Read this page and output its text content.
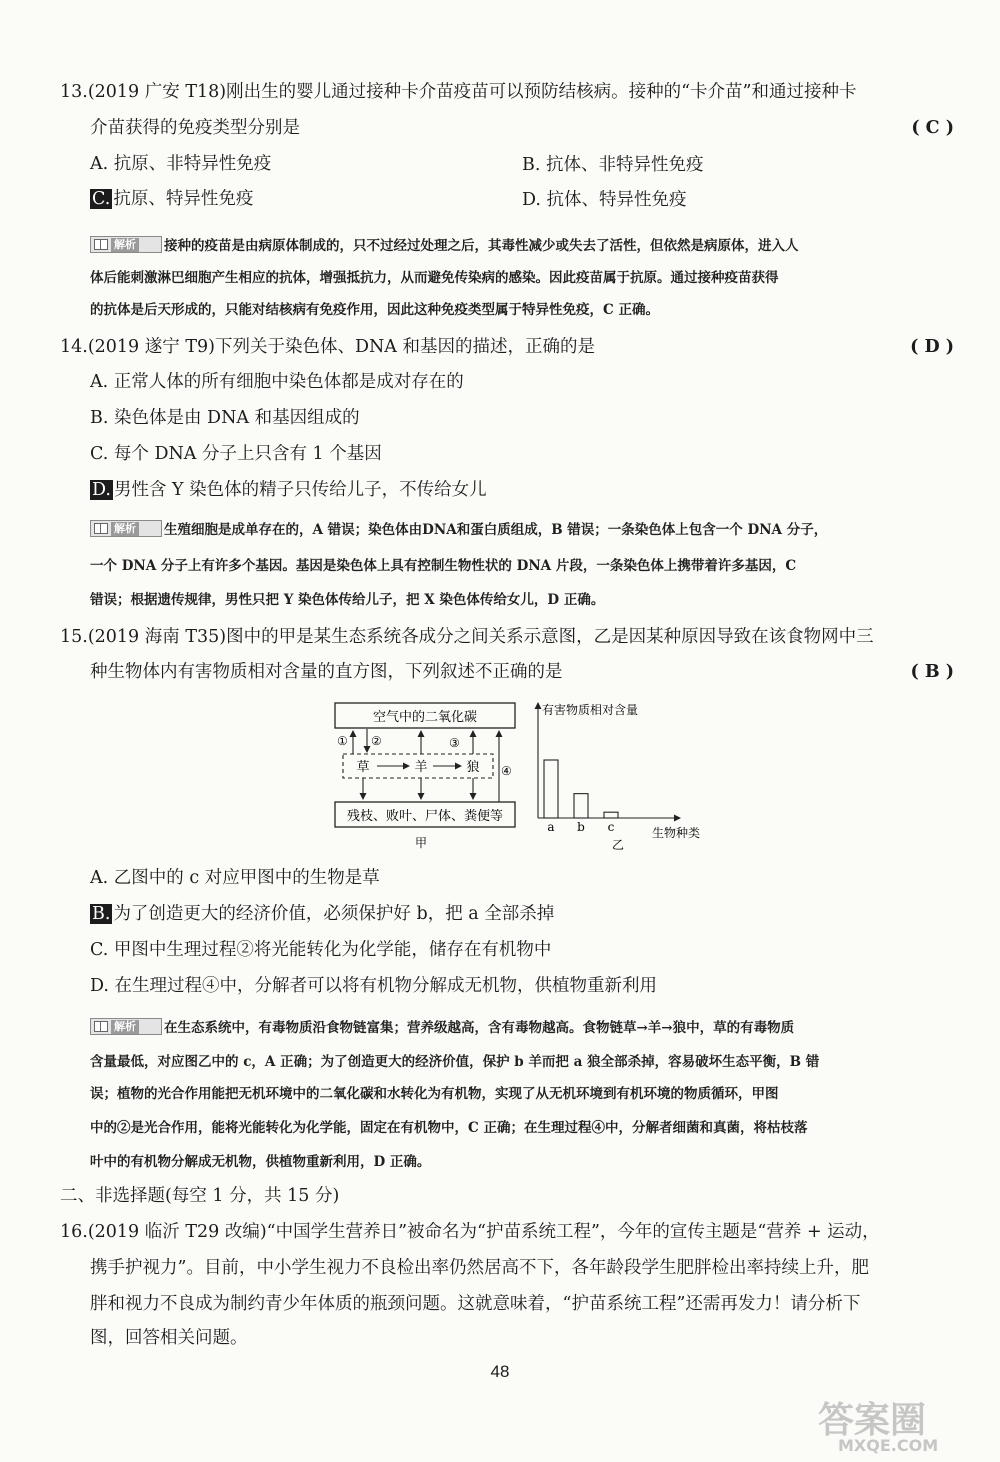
13.(2019 广安 T18)刚出生的婴儿通过接种卡介苗疫苗可以预防结核病。接种的“卡介苗”和通过接种卡
介苗获得的免疫类型分别是	( C )
A. 抗原、非特异性免疫	B. 抗体、非特异性免疫
C. 抗原、特异性免疫	D. 抗体、特异性免疫
解析 接种的疫苗是由病原体制成的，只不过经过处理之后，其毒性减少或失去了活性，但依然是病原体，进入人
体后能刺激淋巴细胞产生相应的抗体，增强抵抗力，从而避免传染病的感染。因此疫苗属于抗原。通过接种疫苗获得
的抗体是后天形成的，只能对结核病有免疫作用，因此这种免疫类型属于特异性免疫，C 正确。
14.(2019 遂宁 T9)下列关于染色体、DNA 和基因的描述，正确的是	( D )
A. 正常人体的所有细胞中染色体都是成对存在的
B. 染色体是由 DNA 和基因组成的
C. 每个 DNA 分子上只含有 1 个基因
D. 男性含 Y 染色体的精子只传给儿子，不传给女儿
解析 生殖细胞是成单存在的，A 错误；染色体由DNA和蛋白质组成，B 错误；一条染色体上包含一个 DNA 分子，
一个 DNA 分子上有许多个基因。基因是染色体上具有控制生物性状的 DNA 片段，一条染色体上携带着许多基因，C
错误；根据遗传规律，男性只把 Y 染色体传给儿子，把 X 染色体传给女儿，D 正确。
15.(2019 海南 T35)图中的甲是某生态系统各成分之间关系示意图，乙是因某种原因导致在该食物网中三
种生物体内有害物质相对含量的直方图，下列叙述不正确的是	( B )
空气中的二氧化碳
草	羊	狼
残枝、败叶、尸体、粪便等
① ②	③
④
甲
有害物质相对含量
生物种类
乙
a b c
A. 乙图中的 c 对应甲图中的生物是草
B. 为了创造更大的经济价值，必须保护好 b，把 a 全部杀掉
C. 甲图中生理过程②将光能转化为化学能，储存在有机物中
D. 在生理过程④中，分解者可以将有机物分解成无机物，供植物重新利用
解析 在生态系统中，有毒物质沿食物链富集；营养级越高，含有毒物越高。食物链草→羊→狼中，草的有毒物质
含量最低，对应图乙中的 c，A 正确；为了创造更大的经济价值，保护 b 羊而把 a 狼全部杀掉，容易破坏生态平衡，B 错
误；植物的光合作用能把无机环境中的二氧化碳和水转化为有机物，实现了从无机环境到有机环境的物质循环，甲图
中的②是光合作用，能将光能转化为化学能，固定在有机物中，C 正确；在生理过程④中，分解者细菌和真菌，将枯枝落
叶中的有机物分解成无机物，供植物重新利用，D 正确。
二、非选择题(每空 1 分，共 15 分)
16.(2019 临沂 T29 改编)“中国学生营养日”被命名为“护苗系统工程”，今年的宣传主题是“营养 + 运动，
携手护视力”。目前，中小学生视力不良检出率仍然居高不下，各年龄段学生肥胖检出率持续上升，肥
胖和视力不良成为制约青少年体质的瓶颈问题。这就意味着，“护苗系统工程”还需再发力！请分析下
图，回答相关问题。
48
答案圈
MXQE.COM
